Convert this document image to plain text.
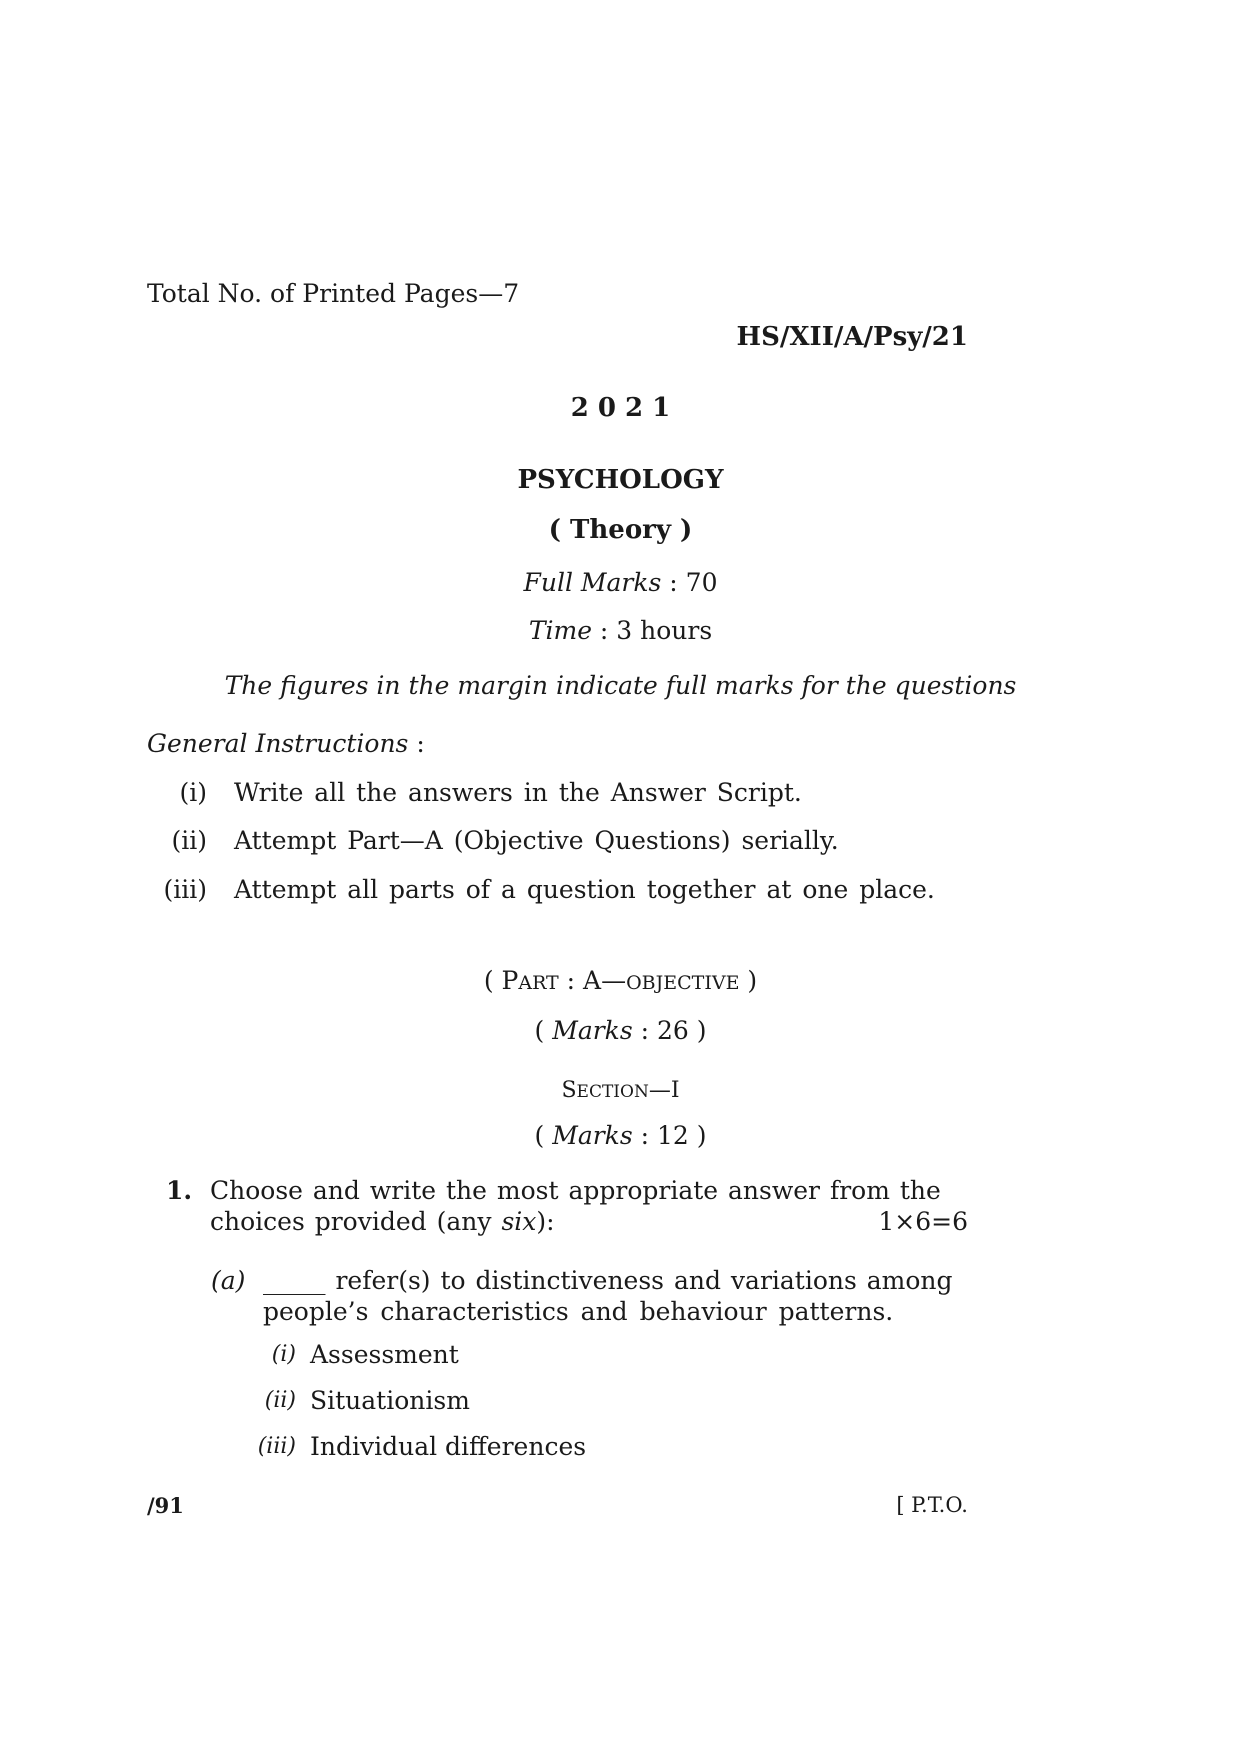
Total No. of Printed Pages—7
HS/XII/A/Psy/21
2 0 2 1
PSYCHOLOGY
( Theory )
Full Marks : 70
Time : 3 hours
The figures in the margin indicate full marks for the questions
General Instructions :
(i) Write all the answers in the Answer Script.
(ii) Attempt Part—A (Objective Questions) serially.
(iii) Attempt all parts of a question together at one place.
( PART : A—OBJECTIVE )
( Marks : 26 )
SECTION—I
( Marks : 12 )
1. Choose and write the most appropriate answer from the
choices provided (any six):	1×6=6
(a) _____ refer(s) to distinctiveness and variations among
people’s characteristics and behaviour patterns.
(i) Assessment
(ii) Situationism
(iii) Individual differences
/91	[ P.T.O.
